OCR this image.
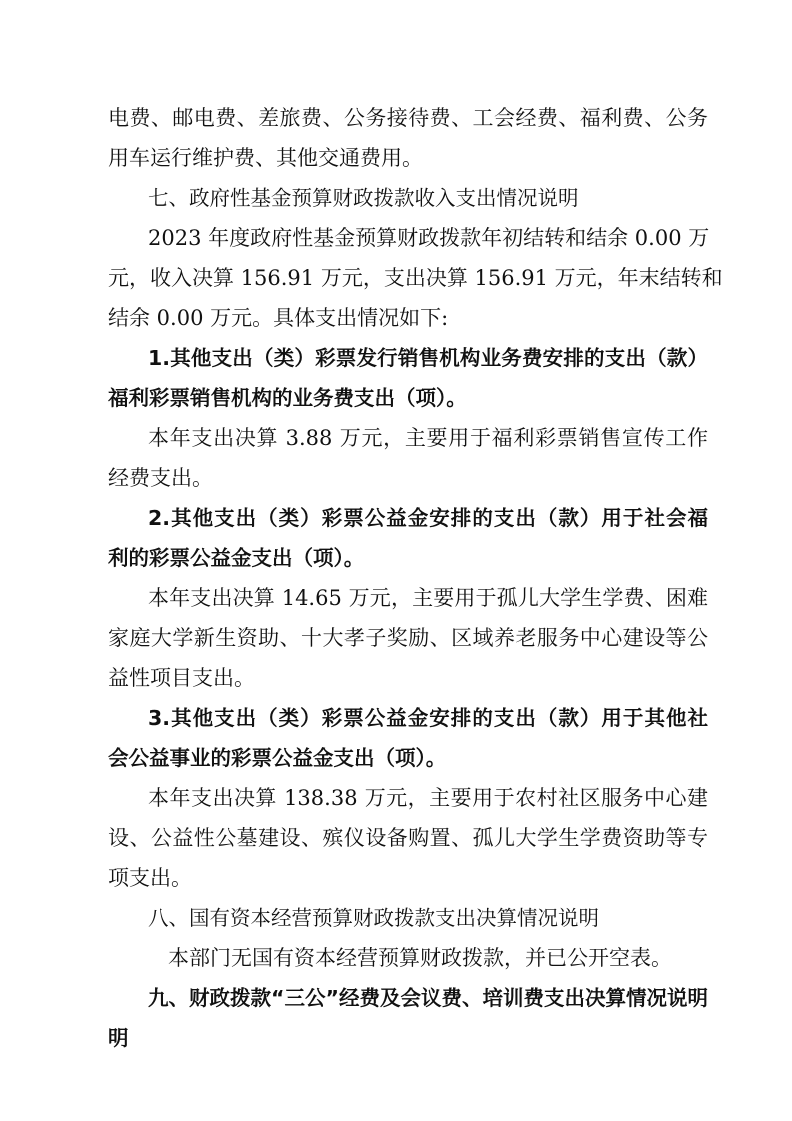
电费、邮电费、差旅费、公务接待费、工会经费、福利费、公务
用车运行维护费、其他交通费用。
七、政府性基金预算财政拨款收入支出情况说明
2023 年度政府性基金预算财政拨款年初结转和结余 0.00 万
元，收入决算 156.91 万元，支出决算 156.91 万元，年末结转和
结余 0.00 万元。具体支出情况如下:
1.其他支出（类）彩票发行销售机构业务费安排的支出（款）
福利彩票销售机构的业务费支出（项）。
本年支出决算 3.88 万元，主要用于福利彩票销售宣传工作
经费支出。
2.其他支出（类）彩票公益金安排的支出（款）用于社会福
利的彩票公益金支出（项）。
本年支出决算 14.65 万元，主要用于孤儿大学生学费、困难
家庭大学新生资助、十大孝子奖励、区域养老服务中心建设等公
益性项目支出。
3.其他支出（类）彩票公益金安排的支出（款）用于其他社
会公益事业的彩票公益金支出（项）。
本年支出决算 138.38 万元，主要用于农村社区服务中心建
设、公益性公墓建设、殡仪设备购置、孤儿大学生学费资助等专
项支出。
八、国有资本经营预算财政拨款支出决算情况说明
本部门无国有资本经营预算财政拨款，并已公开空表。
九、财政拨款“三公”经费及会议费、培训费支出决算情况说明
明
